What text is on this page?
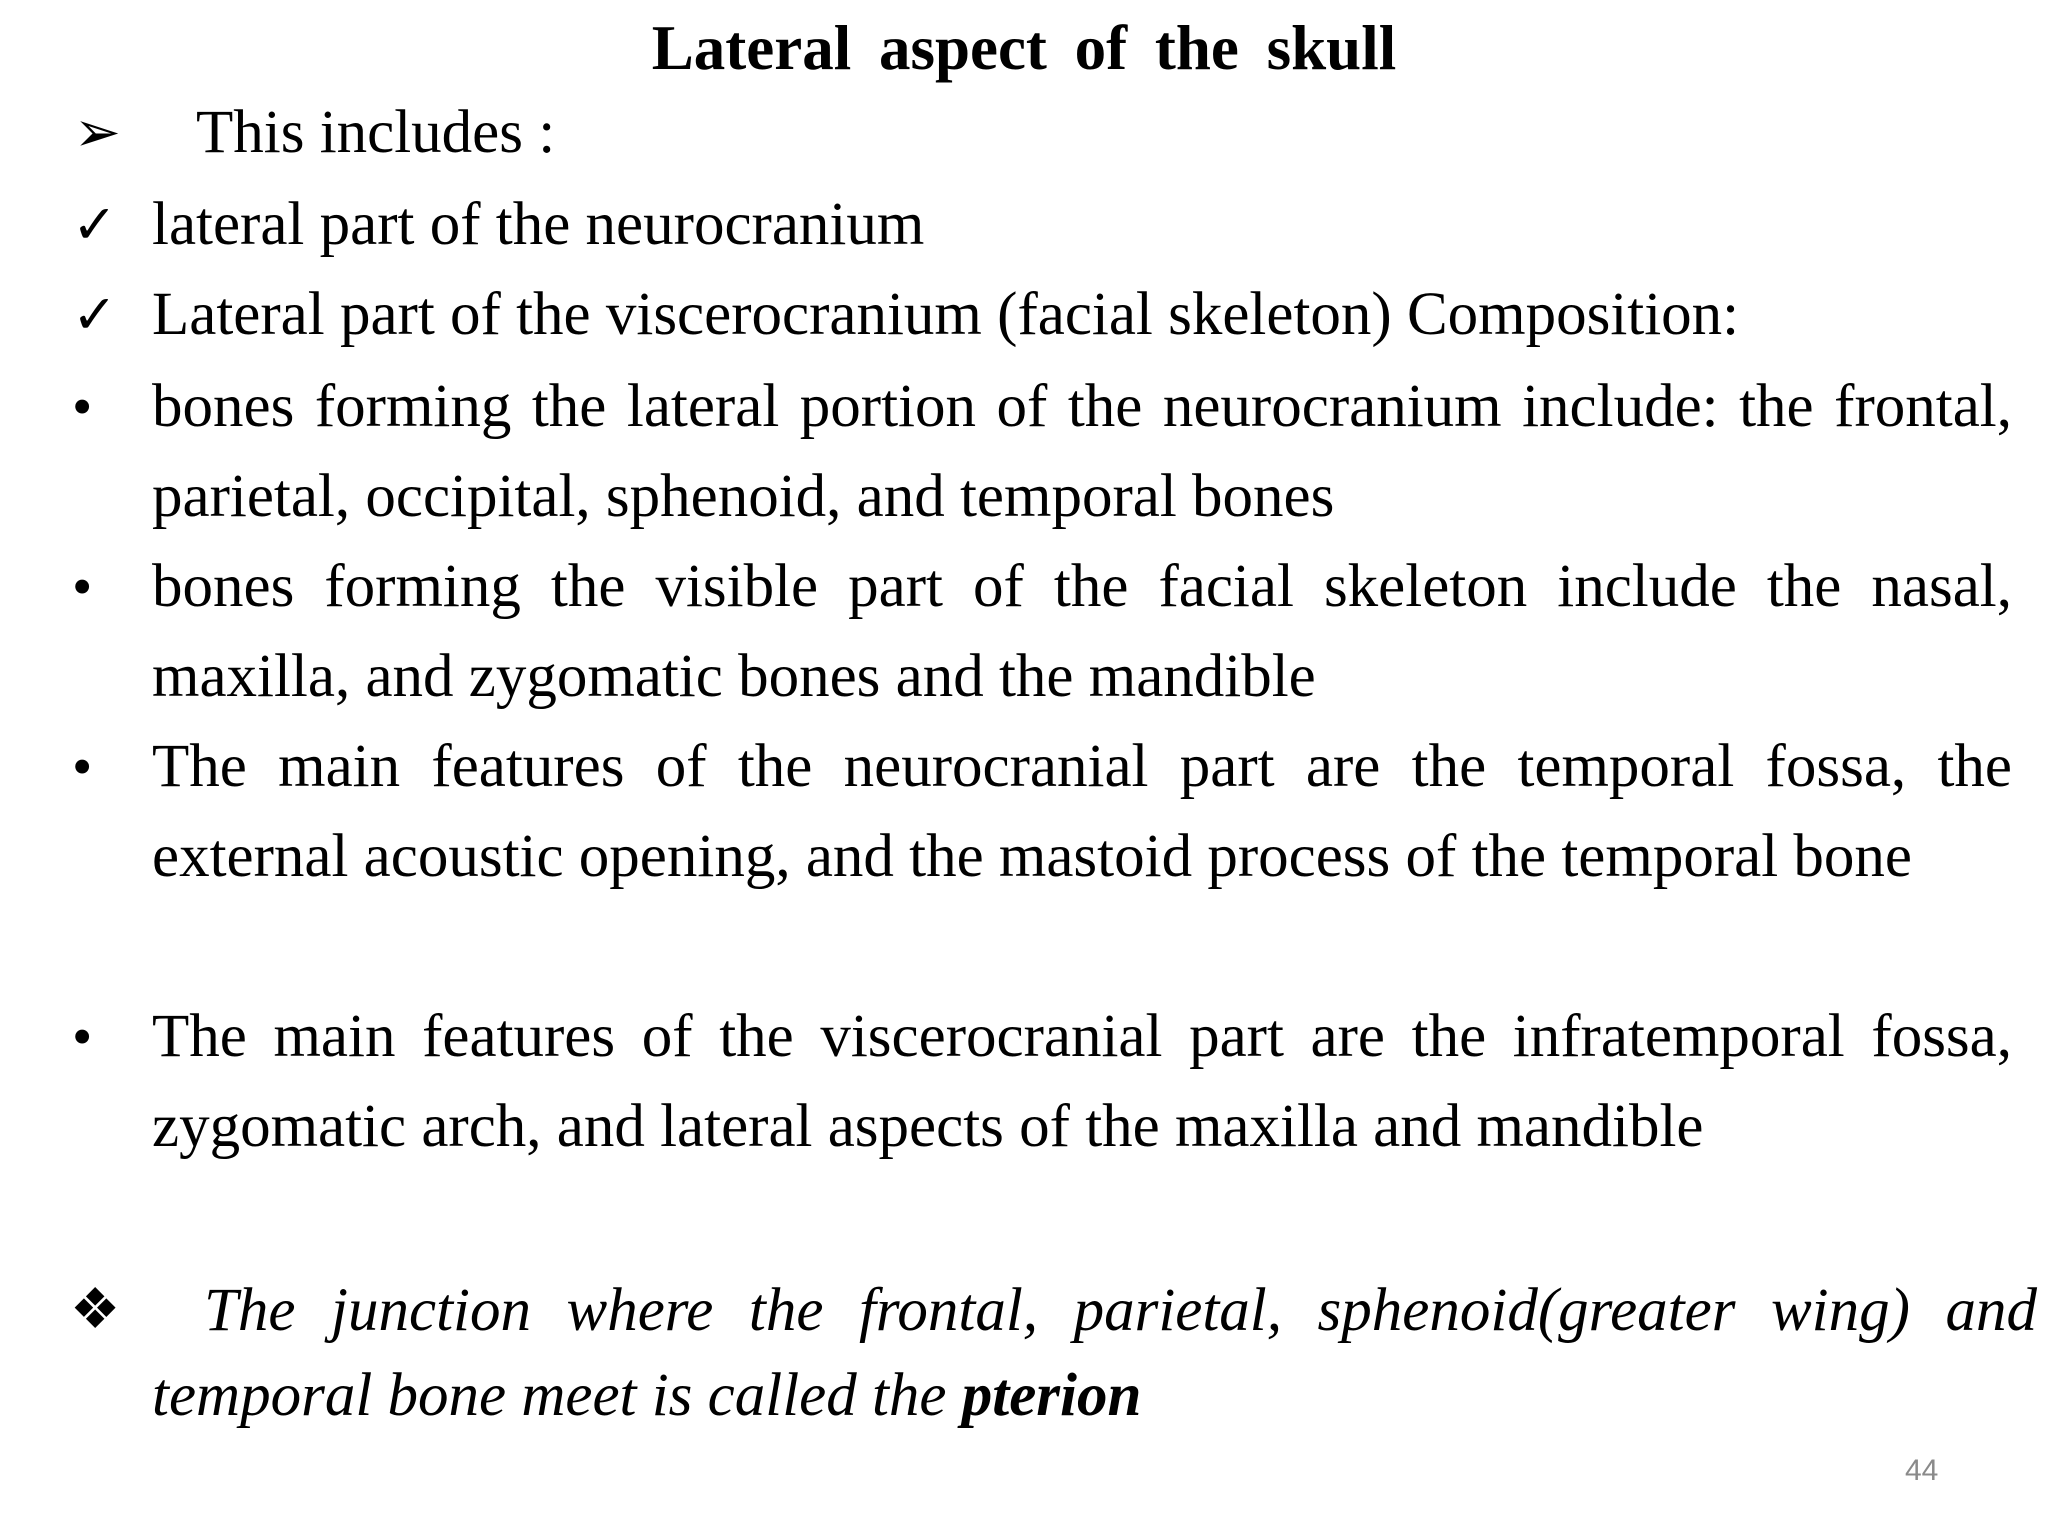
Lateral aspect of the skull
➢ This includes :
✓ lateral part of the neurocranium
✓ Lateral part of the viscerocranium (facial skeleton) Composition:
• bones forming the lateral portion of the neurocranium include: the frontal, parietal, occipital, sphenoid, and temporal bones
• bones forming the visible part of the facial skeleton include the nasal, maxilla, and zygomatic bones and the mandible
• The main features of the neurocranial part are the temporal fossa, the external acoustic opening, and the mastoid process of the temporal bone
• The main features of the viscerocranial part are the infratemporal fossa, zygomatic arch, and lateral aspects of the maxilla and mandible
❖	The junction where the frontal, parietal, sphenoid(greater wing) and temporal bone meet is called the pterion
44
